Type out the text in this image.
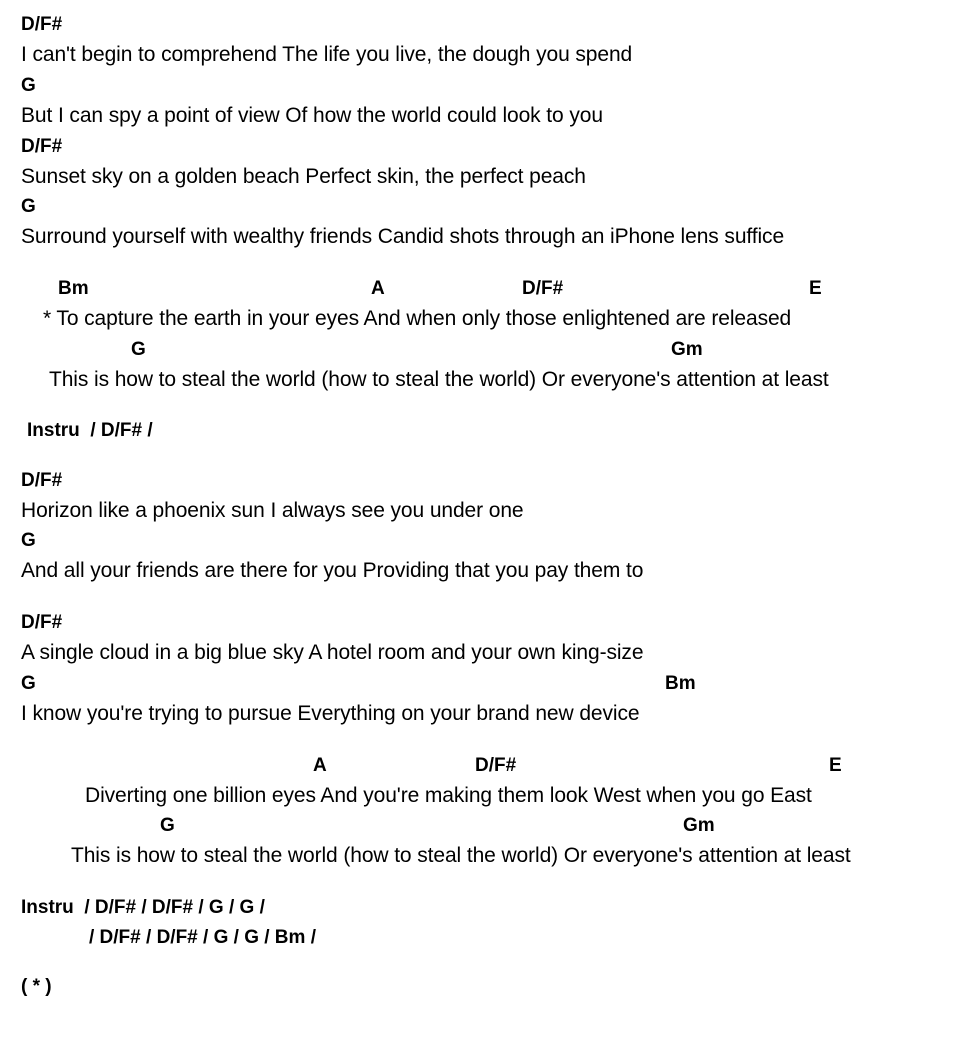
D/F#
I can't begin to comprehend The life you live, the dough you spend
G
But I can spy a point of view Of how the world could look to you
D/F#
Sunset sky on a golden beach Perfect skin, the perfect peach
G
Surround yourself with wealthy friends Candid shots through an iPhone lens suffice
Bm	A	D/F#	E
* To capture the earth in your eyes And when only those enlightened are released
G	Gm
This is how to steal the world (how to steal the world) Or everyone's attention at least
Instru  / D/F# /
D/F#
Horizon like a phoenix sun I always see you under one
G
And all your friends are there for you Providing that you pay them to
D/F#
A single cloud in a big blue sky A hotel room and your own king-size
G	Bm
I know you're trying to pursue Everything on your brand new device
A	D/F#	E
Diverting one billion eyes And you're making them look West when you go East
G	Gm
This is how to steal the world (how to steal the world) Or everyone's attention at least
Instru  / D/F# / D/F# / G / G /
/ D/F# / D/F# / G / G / Bm /
( * )
